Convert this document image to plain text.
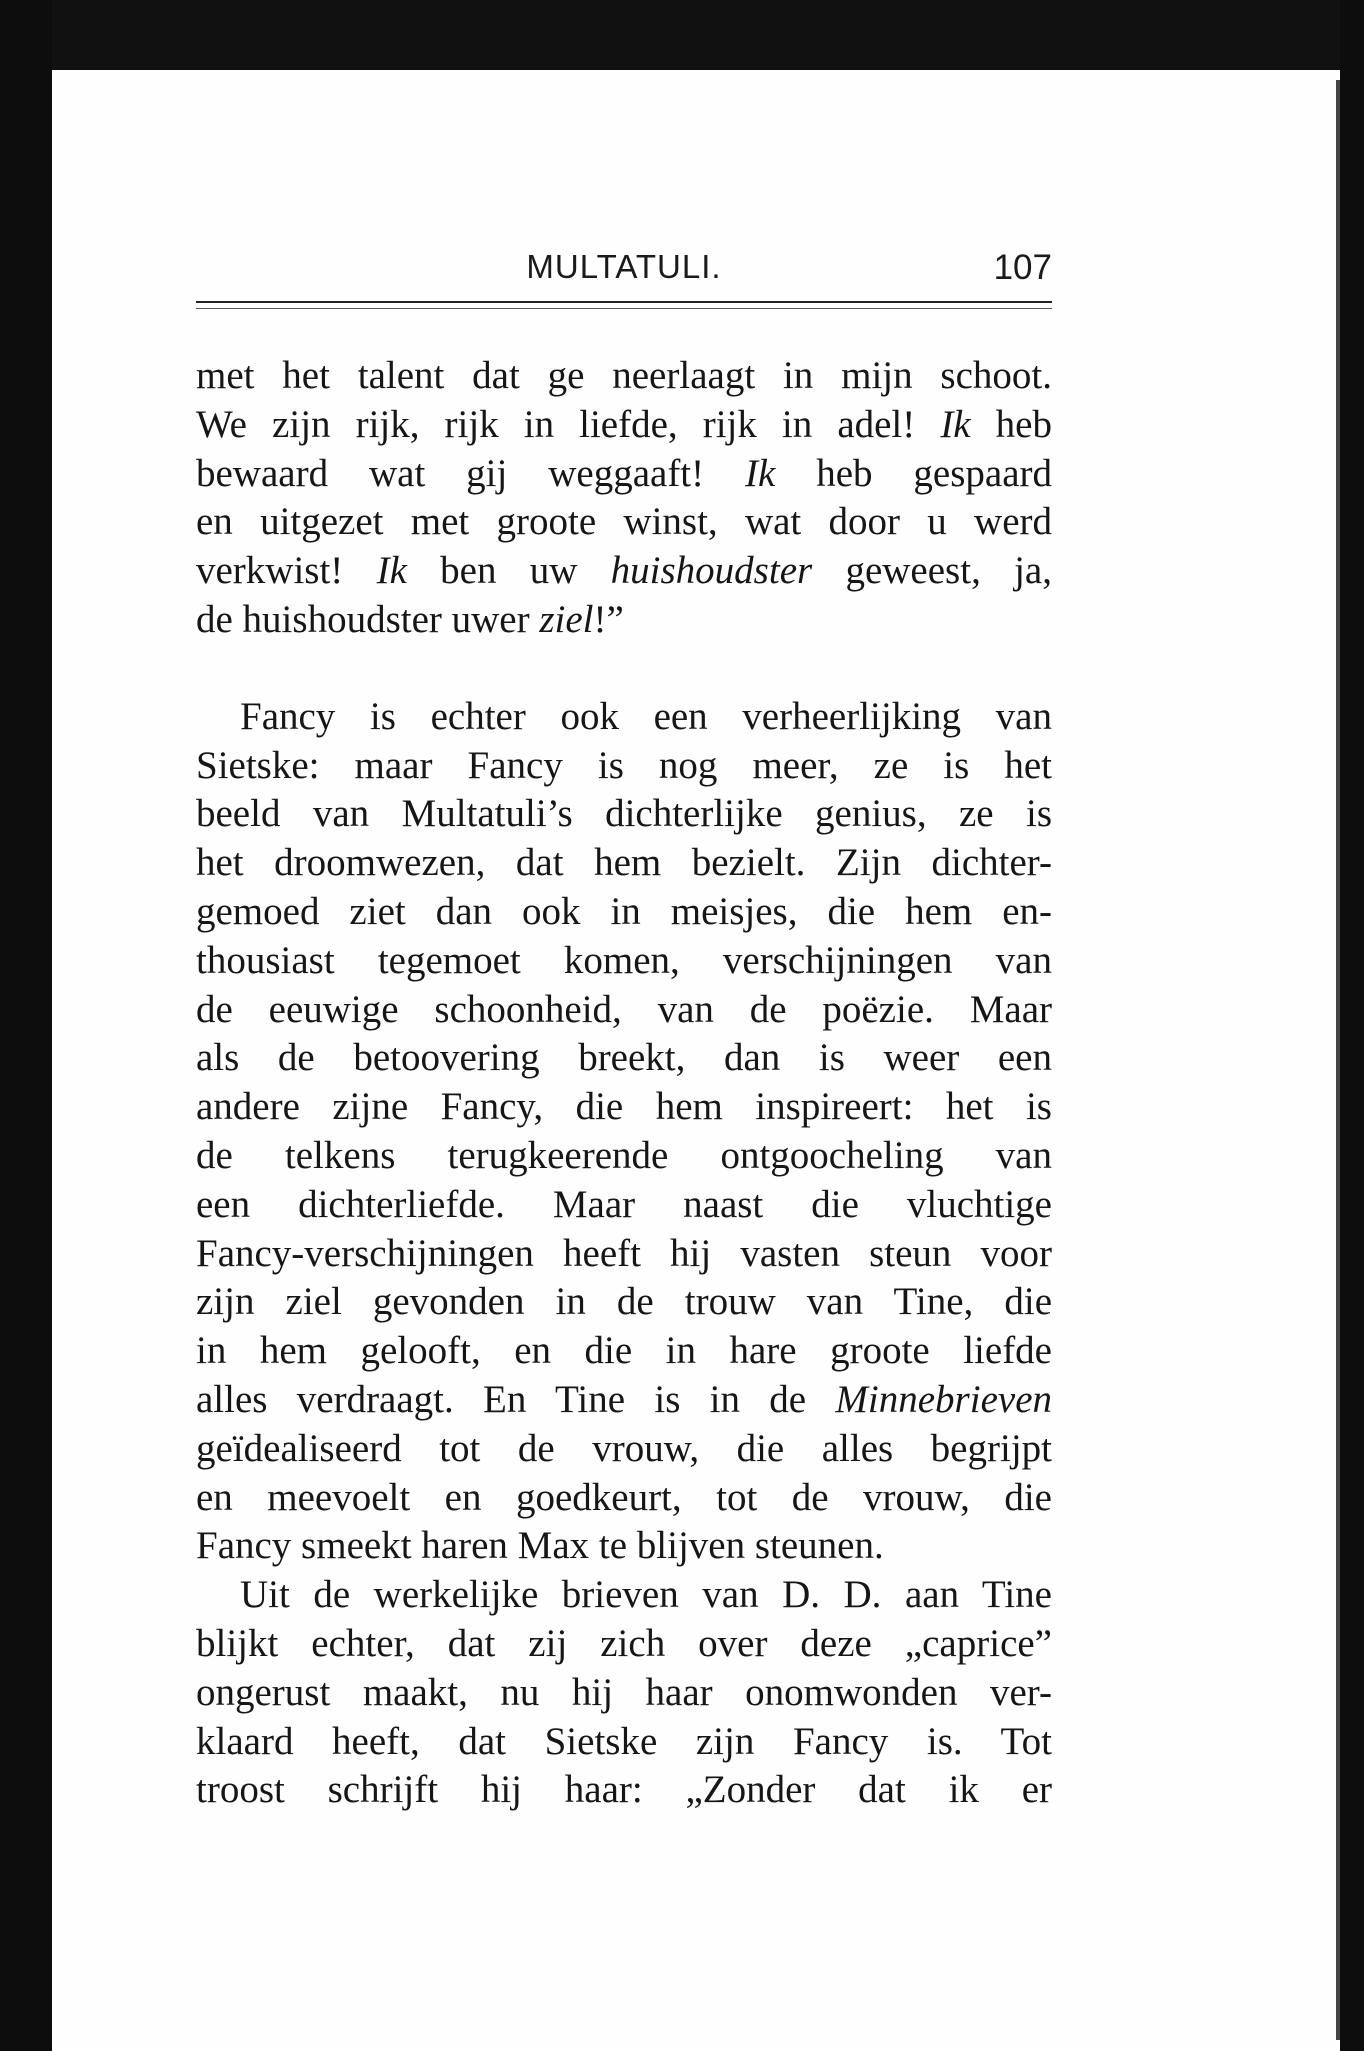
MULTATULI.	107

met het talent dat ge neerlaagt in mijn schoot.

We zijn rijk, rijk in liefde, rijk in adel! Ik heb

bewaard wat gij weggaaft! Ik heb gespaard

en uitgezet met groote winst, wat door u werd

verkwist! Ik ben uw huishoudster geweest, ja,

de huishoudster uwer ziel!”

Fancy is echter ook een verheerlijking van

Sietske: maar Fancy is nog meer, ze is het

beeld van Multatuli’s dichterlijke genius, ze is

het droomwezen, dat hem bezielt. Zijn dichter-

gemoed ziet dan ook in meisjes, die hem en-

thousiast tegemoet komen, verschijningen van

de eeuwige schoonheid, van de poëzie. Maar

als de betoovering breekt, dan is weer een

andere zijne Fancy, die hem inspireert: het is

de telkens terugkeerende ontgoocheling van

een dichterliefde. Maar naast die vluchtige

Fancy-verschijningen heeft hij vasten steun voor

zijn ziel gevonden in de trouw van Tine, die

in hem gelooft, en die in hare groote liefde

alles verdraagt. En Tine is in de Minnebrieven

geïdealiseerd tot de vrouw, die alles begrijpt

en meevoelt en goedkeurt, tot de vrouw, die

Fancy smeekt haren Max te blijven steunen.

Uit de werkelijke brieven van D. D. aan Tine

blijkt echter, dat zij zich over deze „caprice”

ongerust maakt, nu hij haar onomwonden ver-

klaard heeft, dat Sietske zijn Fancy is. Tot

troost schrijft hij haar: „Zonder dat ik er
